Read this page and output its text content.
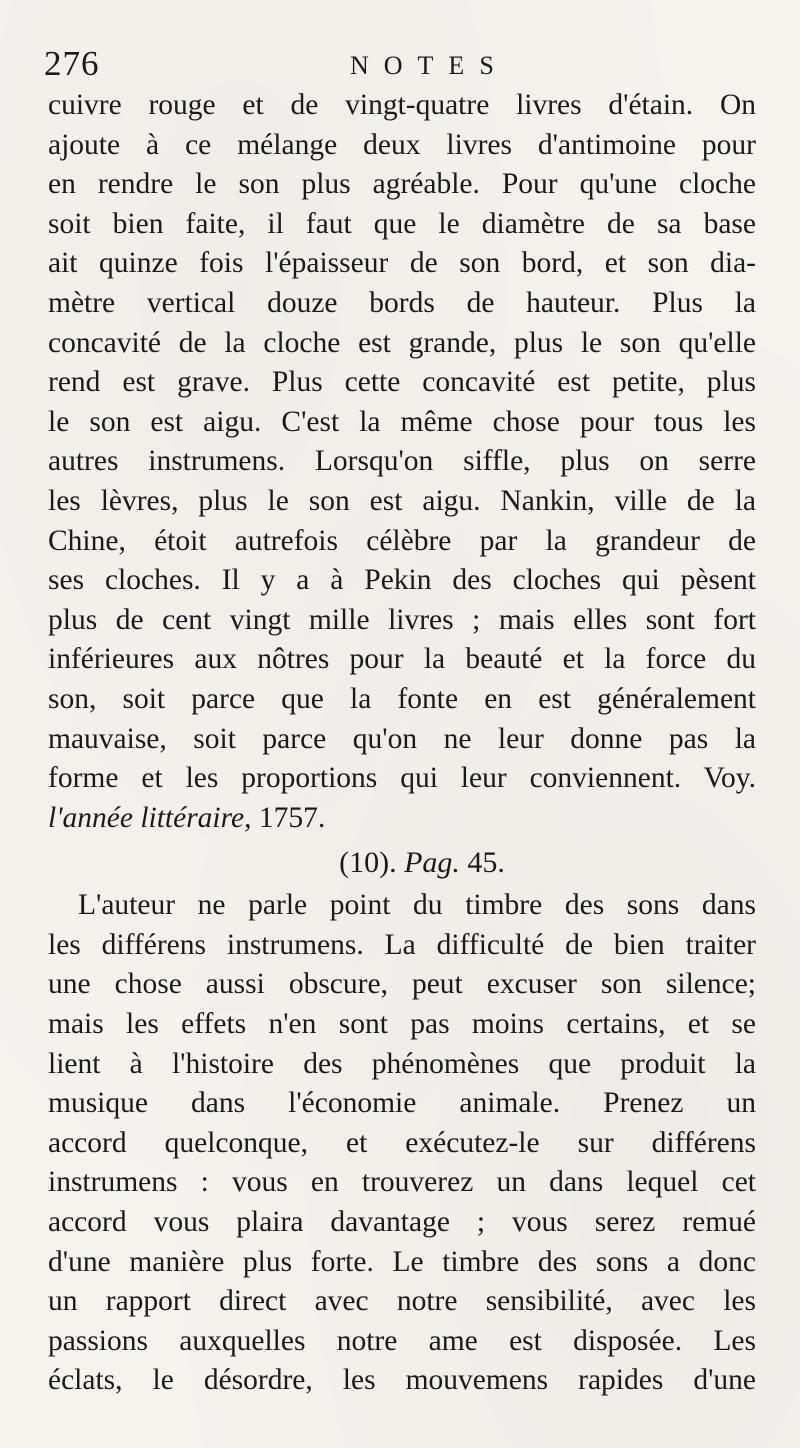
276	NOTES
cuivre rouge et de vingt-quatre livres d'étain. On
ajoute à ce mélange deux livres d'antimoine pour
en rendre le son plus agréable. Pour qu'une cloche
soit bien faite, il faut que le diamètre de sa base
ait quinze fois l'épaisseur de son bord, et son dia-
mètre vertical douze bords de hauteur. Plus la
concavité de la cloche est grande, plus le son qu'elle
rend est grave. Plus cette concavité est petite, plus
le son est aigu. C'est la même chose pour tous les
autres instrumens. Lorsqu'on siffle, plus on serre
les lèvres, plus le son est aigu. Nankin, ville de la
Chine, étoit autrefois célèbre par la grandeur de
ses cloches. Il y a à Pekin des cloches qui pèsent
plus de cent vingt mille livres ; mais elles sont fort
inférieures aux nôtres pour la beauté et la force du
son, soit parce que la fonte en est généralement
mauvaise, soit parce qu'on ne leur donne pas la
forme et les proportions qui leur conviennent. Voy.
l'année littéraire, 1757.
(10). Pag. 45.
L'auteur ne parle point du timbre des sons dans
les différens instrumens. La difficulté de bien traiter
une chose aussi obscure, peut excuser son silence;
mais les effets n'en sont pas moins certains, et se
lient à l'histoire des phénomènes que produit la
musique dans l'économie animale. Prenez un
accord quelconque, et exécutez-le sur différens
instrumens : vous en trouverez un dans lequel cet
accord vous plaira davantage ; vous serez remué
d'une manière plus forte. Le timbre des sons a donc
un rapport direct avec notre sensibilité, avec les
passions auxquelles notre ame est disposée. Les
éclats, le désordre, les mouvemens rapides d'une
